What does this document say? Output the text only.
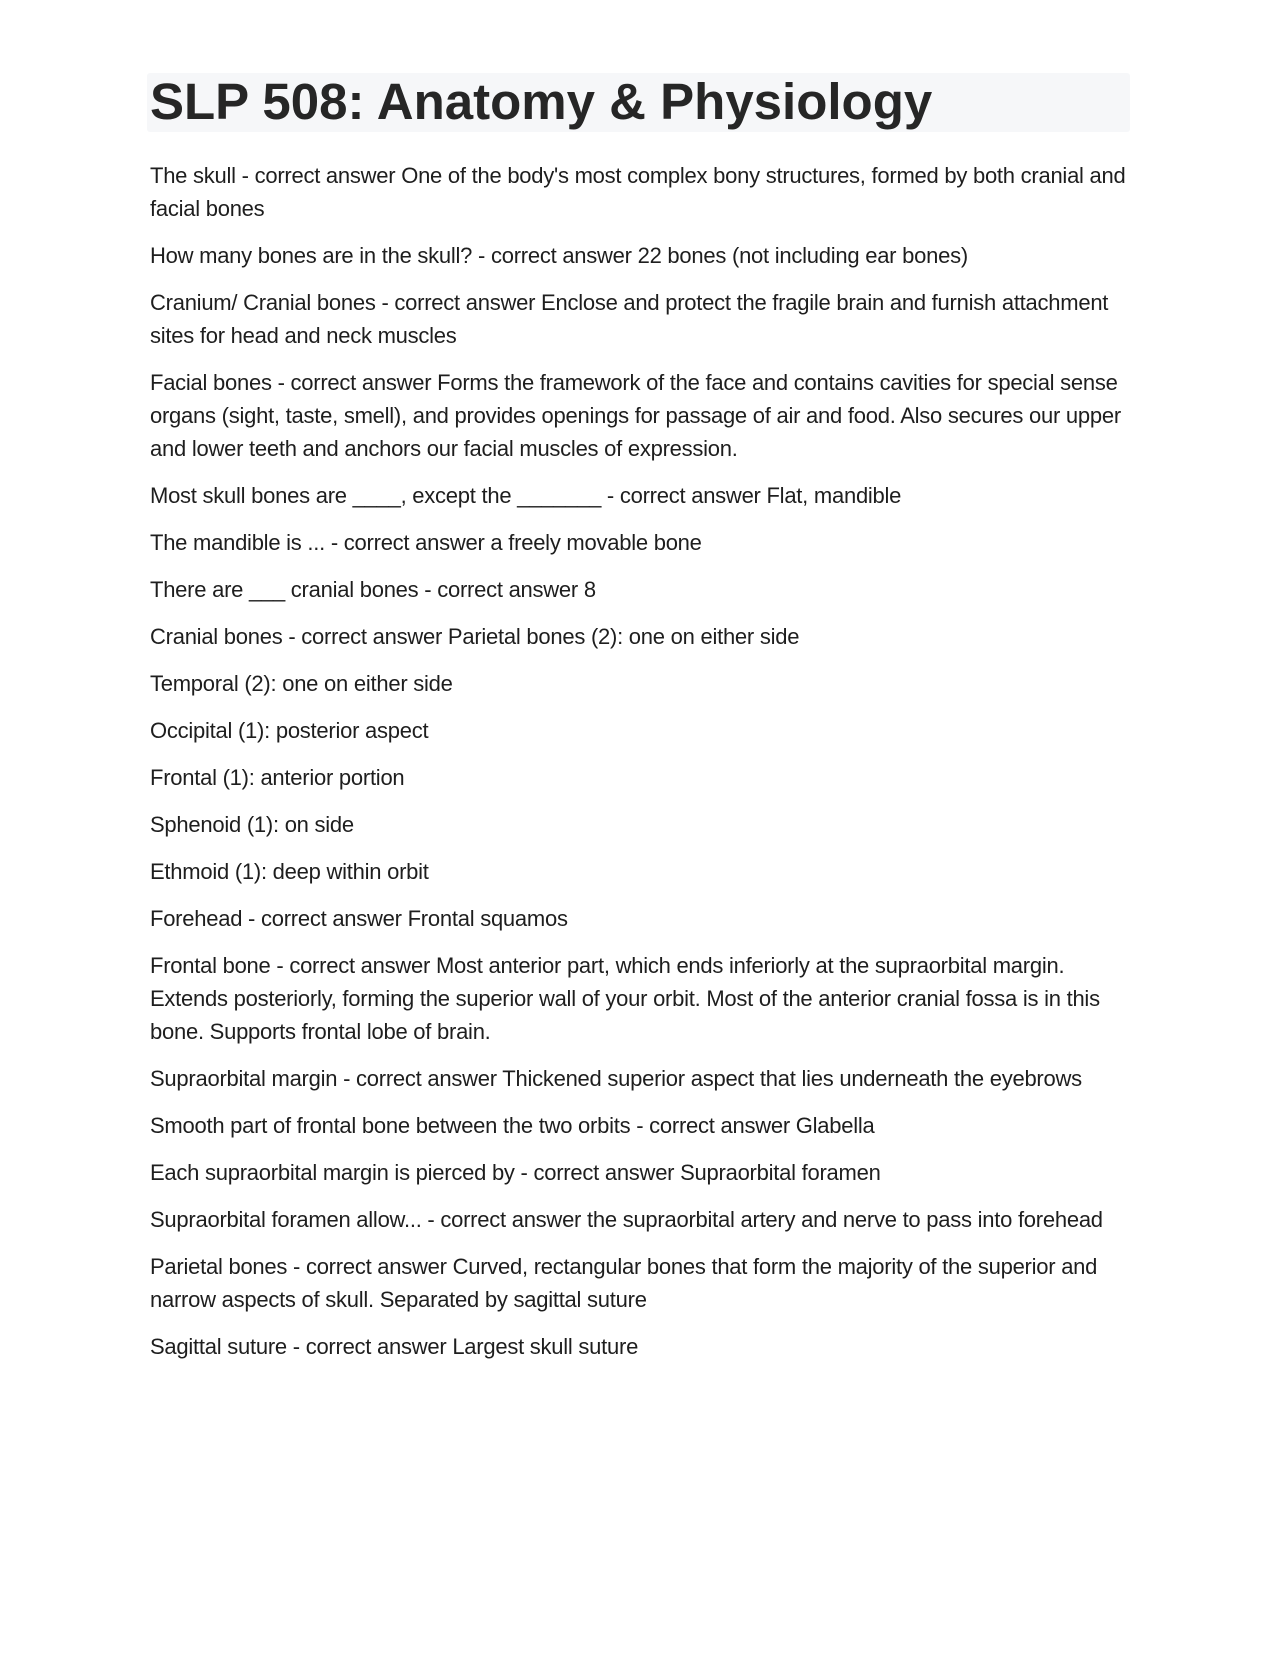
SLP 508: Anatomy & Physiology

The skull - correct answer One of the body's most complex bony structures, formed by both cranial and facial bones

How many bones are in the skull? - correct answer 22 bones (not including ear bones)

Cranium/ Cranial bones - correct answer Enclose and protect the fragile brain and furnish attachment sites for head and neck muscles

Facial bones - correct answer Forms the framework of the face and contains cavities for special sense organs (sight, taste, smell), and provides openings for passage of air and food. Also secures our upper and lower teeth and anchors our facial muscles of expression.

Most skull bones are ____, except the _______ - correct answer Flat, mandible

The mandible is ... - correct answer a freely movable bone

There are ___ cranial bones - correct answer 8

Cranial bones - correct answer Parietal bones (2): one on either side

Temporal (2): one on either side

Occipital (1): posterior aspect

Frontal (1): anterior portion

Sphenoid (1): on side

Ethmoid (1): deep within orbit

Forehead - correct answer Frontal squamos

Frontal bone - correct answer Most anterior part, which ends inferiorly at the supraorbital margin. Extends posteriorly, forming the superior wall of your orbit. Most of the anterior cranial fossa is in this bone. Supports frontal lobe of brain.

Supraorbital margin - correct answer Thickened superior aspect that lies underneath the eyebrows

Smooth part of frontal bone between the two orbits - correct answer Glabella

Each supraorbital margin is pierced by - correct answer Supraorbital foramen

Supraorbital foramen allow... - correct answer the supraorbital artery and nerve to pass into forehead

Parietal bones - correct answer Curved, rectangular bones that form the majority of the superior and narrow aspects of skull. Separated by sagittal suture

Sagittal suture - correct answer Largest skull suture
